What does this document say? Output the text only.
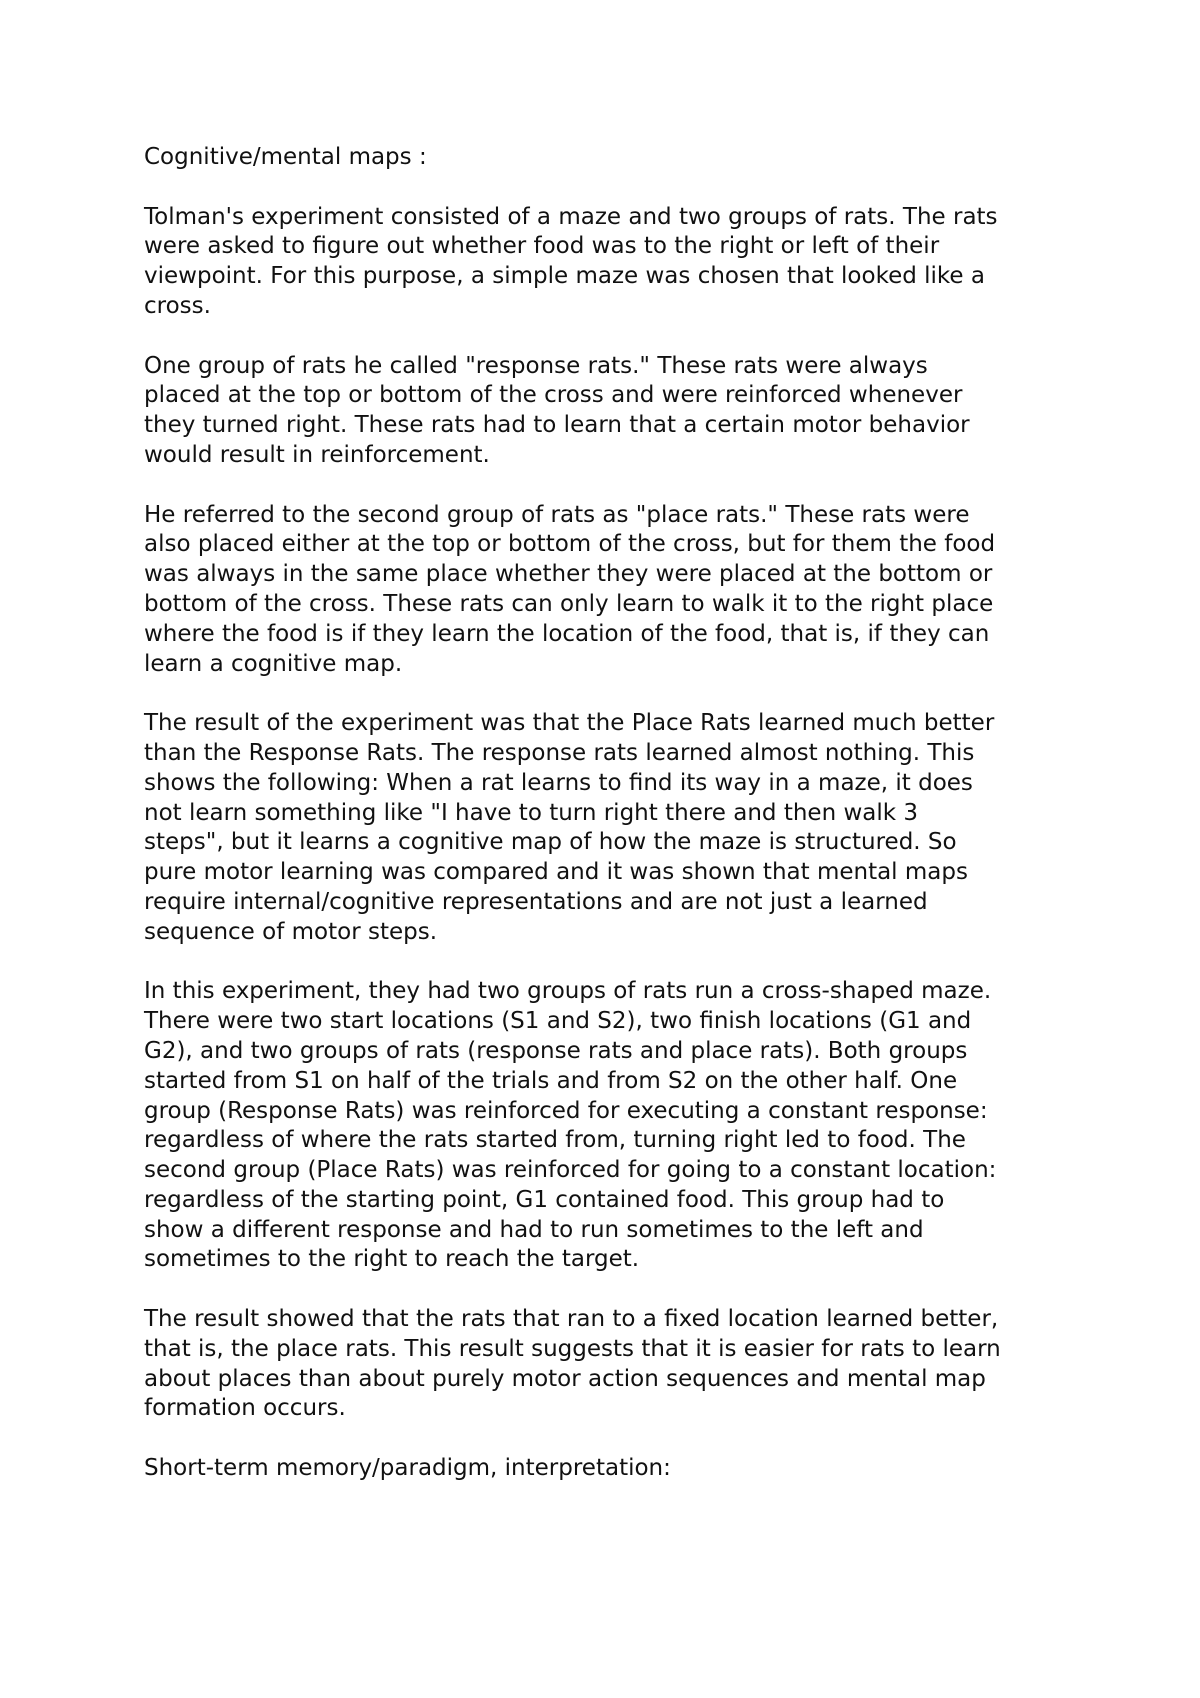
Cognitive/mental maps :

Tolman's experiment consisted of a maze and two groups of rats. The rats
were asked to figure out whether food was to the right or left of their
viewpoint. For this purpose, a simple maze was chosen that looked like a
cross.

One group of rats he called "response rats." These rats were always
placed at the top or bottom of the cross and were reinforced whenever
they turned right. These rats had to learn that a certain motor behavior
would result in reinforcement.

He referred to the second group of rats as "place rats." These rats were
also placed either at the top or bottom of the cross, but for them the food
was always in the same place whether they were placed at the bottom or
bottom of the cross. These rats can only learn to walk it to the right place
where the food is if they learn the location of the food, that is, if they can
learn a cognitive map.

The result of the experiment was that the Place Rats learned much better
than the Response Rats. The response rats learned almost nothing. This
shows the following: When a rat learns to find its way in a maze, it does
not learn something like "I have to turn right there and then walk 3
steps", but it learns a cognitive map of how the maze is structured. So
pure motor learning was compared and it was shown that mental maps
require internal/cognitive representations and are not just a learned
sequence of motor steps.

In this experiment, they had two groups of rats run a cross-shaped maze.
There were two start locations (S1 and S2), two finish locations (G1 and
G2), and two groups of rats (response rats and place rats). Both groups
started from S1 on half of the trials and from S2 on the other half. One
group (Response Rats) was reinforced for executing a constant response:
regardless of where the rats started from, turning right led to food. The
second group (Place Rats) was reinforced for going to a constant location:
regardless of the starting point, G1 contained food. This group had to
show a different response and had to run sometimes to the left and
sometimes to the right to reach the target.

The result showed that the rats that ran to a fixed location learned better,
that is, the place rats. This result suggests that it is easier for rats to learn
about places than about purely motor action sequences and mental map
formation occurs.

Short-term memory/paradigm, interpretation:
